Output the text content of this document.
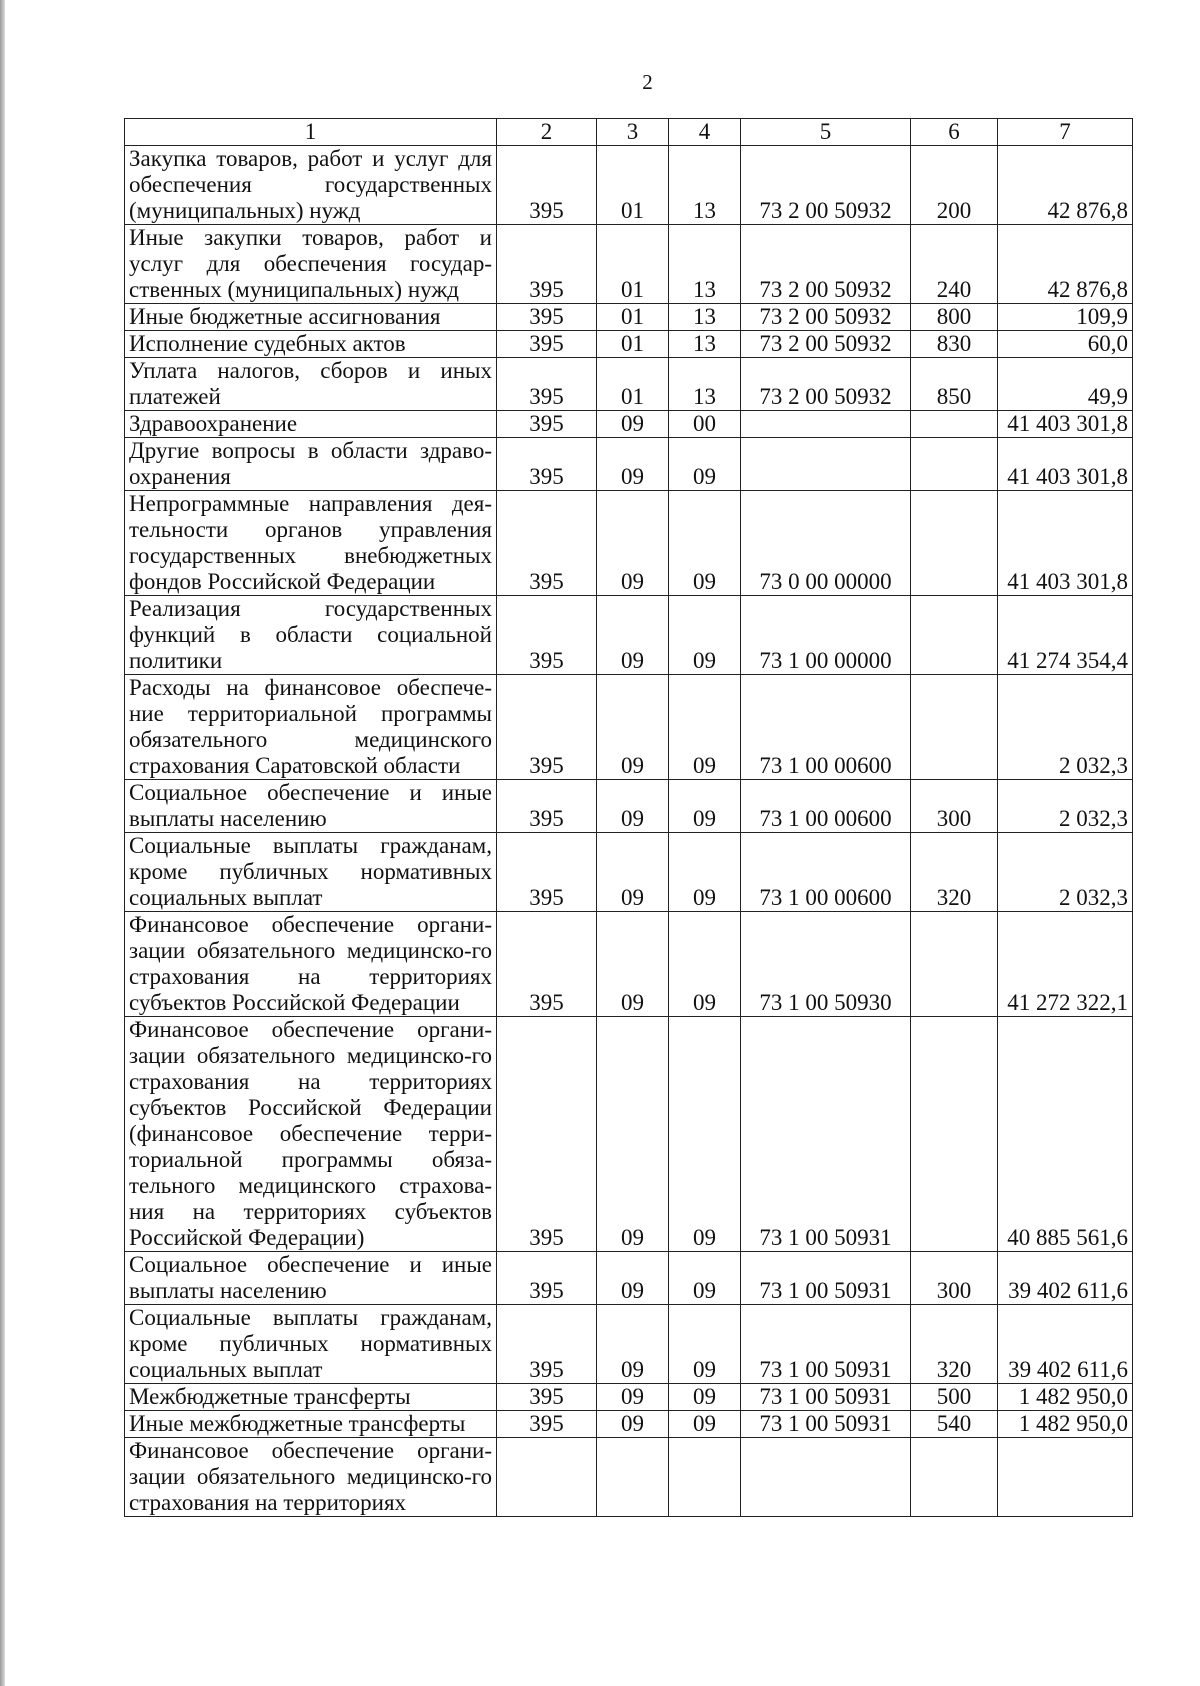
2
1	2	3	4	5	6	7
Закупка товаров, работ и услуг для обеспечения государственных (муниципальных) нужд	395	01	13	73 2 00 50932	200	42 876,8
Иные закупки товаров, работ и услуг для обеспечения государ-ственных (муниципальных) нужд	395	01	13	73 2 00 50932	240	42 876,8
Иные бюджетные ассигнования	395	01	13	73 2 00 50932	800	109,9
Исполнение судебных актов	395	01	13	73 2 00 50932	830	60,0
Уплата налогов, сборов и иных платежей	395	01	13	73 2 00 50932	850	49,9
Здравоохранение	395	09	00			41 403 301,8
Другие вопросы в области здраво-охранения	395	09	09			41 403 301,8
Непрограммные направления дея-тельности органов управления государственных внебюджетных фондов Российской Федерации	395	09	09	73 0 00 00000		41 403 301,8
Реализация государственных функций в области социальной политики	395	09	09	73 1 00 00000		41 274 354,4
Расходы на финансовое обеспече-ние территориальной программы обязательного медицинского страхования Саратовской области	395	09	09	73 1 00 00600		2 032,3
Социальное обеспечение и иные выплаты населению	395	09	09	73 1 00 00600	300	2 032,3
Социальные выплаты гражданам, кроме публичных нормативных социальных выплат	395	09	09	73 1 00 00600	320	2 032,3
Финансовое обеспечение органи-зации обязательного медицинско-го страхования на территориях субъектов Российской Федерации	395	09	09	73 1 00 50930		41 272 322,1
Финансовое обеспечение органи-зации обязательного медицинско-го страхования на территориях субъектов Российской Федерации (финансовое обеспечение терри-ториальной программы обяза-тельного медицинского страхова-ния на территориях субъектов Российской Федерации)	395	09	09	73 1 00 50931		40 885 561,6
Социальное обеспечение и иные выплаты населению	395	09	09	73 1 00 50931	300	39 402 611,6
Социальные выплаты гражданам, кроме публичных нормативных социальных выплат	395	09	09	73 1 00 50931	320	39 402 611,6
Межбюджетные трансферты	395	09	09	73 1 00 50931	500	1 482 950,0
Иные межбюджетные трансферты	395	09	09	73 1 00 50931	540	1 482 950,0
Финансовое обеспечение органи-зации обязательного медицинско-го страхования на территориях						
